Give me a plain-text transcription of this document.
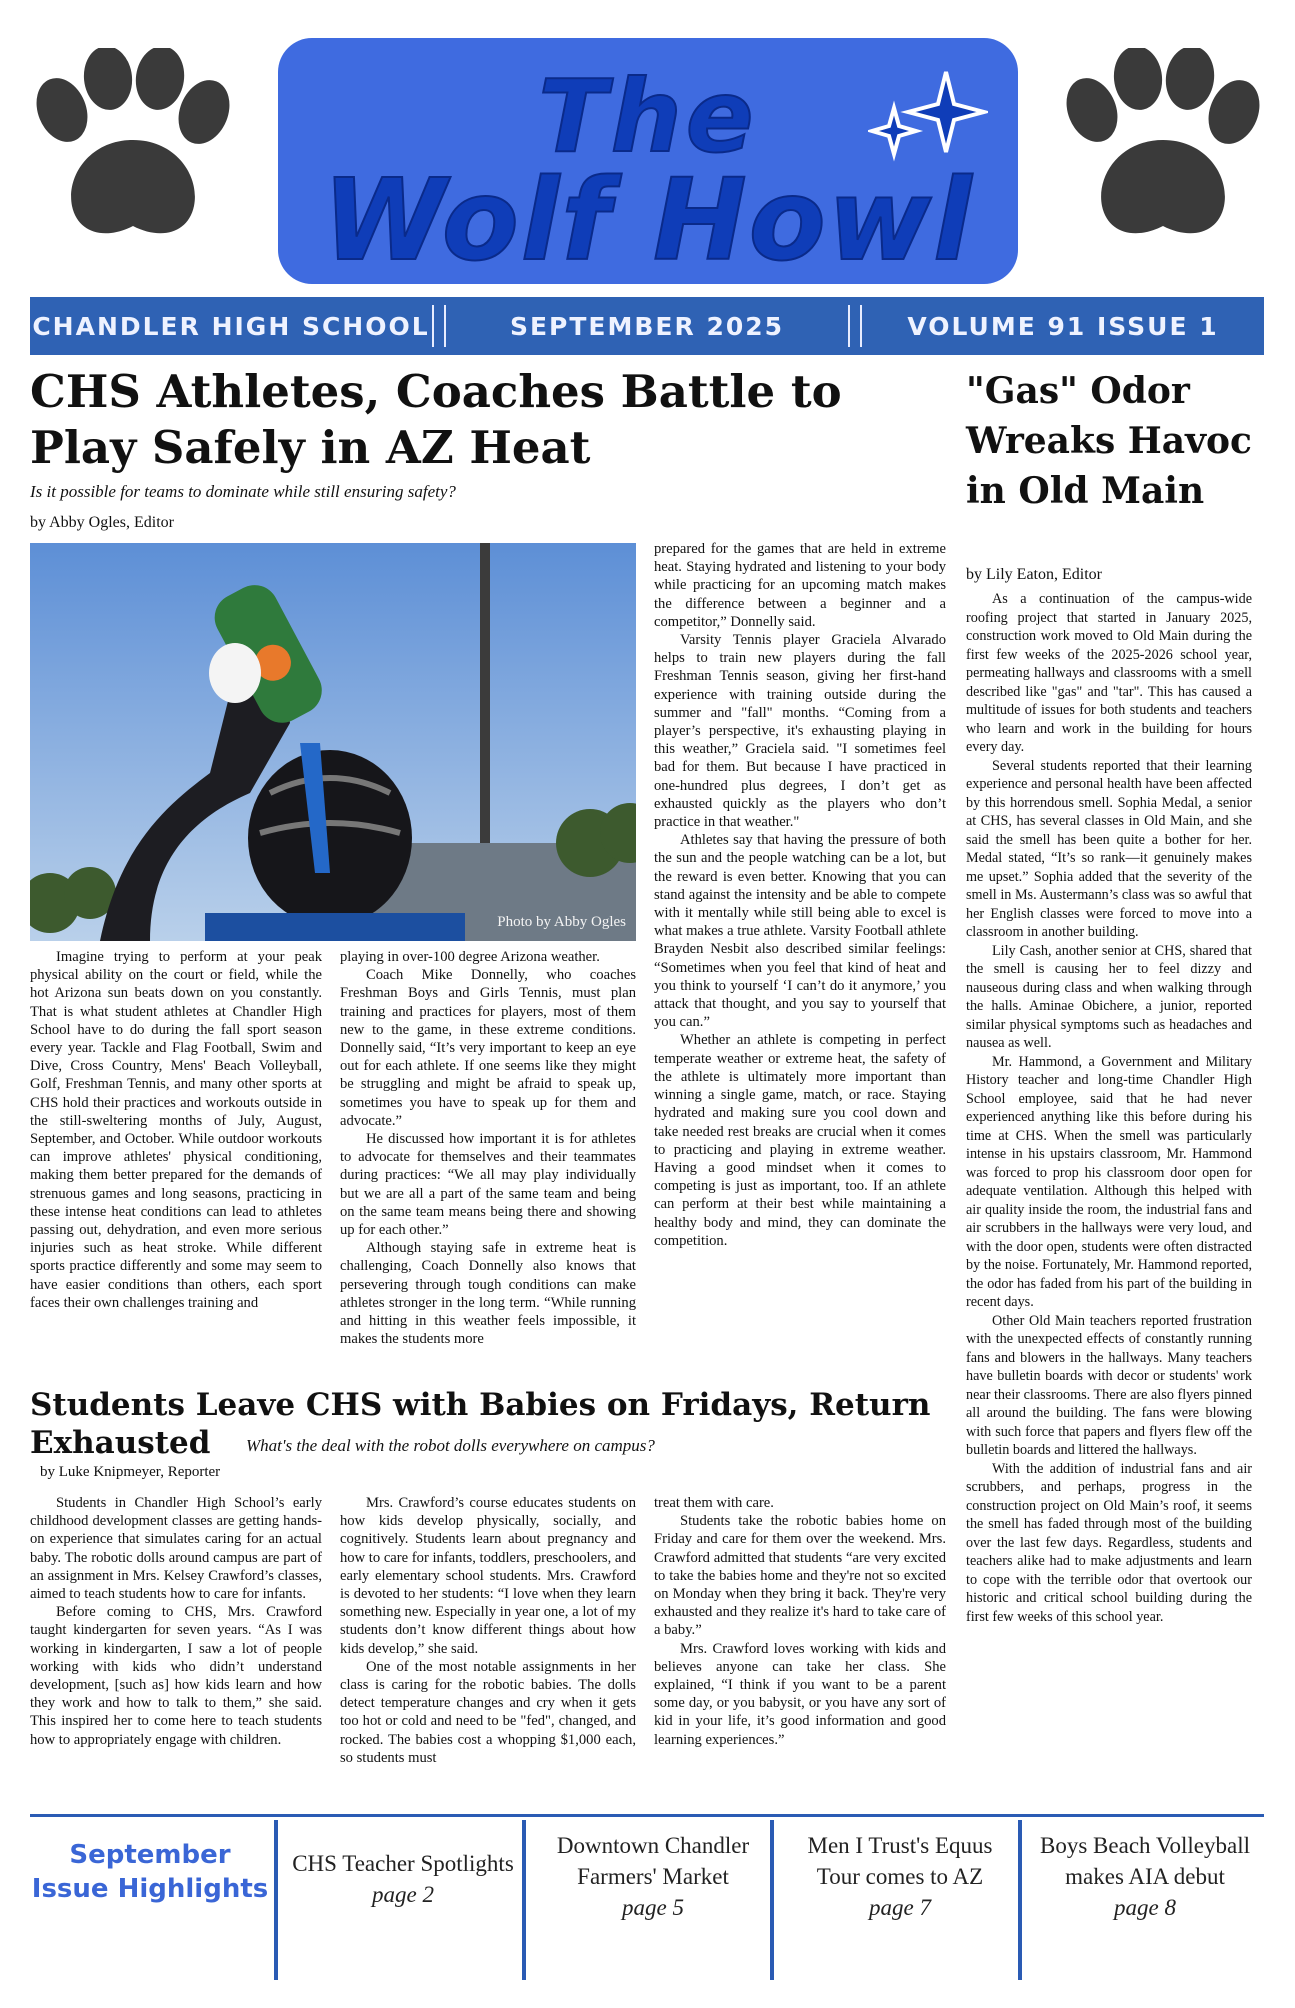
The
Wolf Howl
CHANDLER HIGH SCHOOL	SEPTEMBER 2025	VOLUME 91 ISSUE 1
CHS Athletes, Coaches Battle to Play Safely in AZ Heat
Is it possible for teams to dominate while still ensuring safety?
by Abby Ogles, Editor
Photo by Abby Ogles

Imagine trying to perform at your peak physical ability on the court or field, while the hot Arizona sun beats down on you constantly. That is what student athletes at Chandler High School have to do during the fall sport season every year. Tackle and Flag Football, Swim and Dive, Cross Country, Mens' Beach Volleyball, Golf, Freshman Tennis, and many other sports at CHS hold their practices and workouts outside in the still-sweltering months of July, August, September, and October. While outdoor workouts can improve athletes' physical conditioning, making them better prepared for the demands of strenuous games and long seasons, practicing in these intense heat conditions can lead to athletes passing out, dehydration, and even more serious injuries such as heat stroke. While different sports practice differently and some may seem to have easier conditions than others, each sport faces their own challenges training and

playing in over-100 degree Arizona weather.

Coach Mike Donnelly, who coaches Freshman Boys and Girls Tennis, must plan training and practices for players, most of them new to the game, in these extreme conditions. Donnelly said, “It’s very important to keep an eye out for each athlete. If one seems like they might be struggling and might be afraid to speak up, sometimes you have to speak up for them and advocate.”

He discussed how important it is for athletes to advocate for themselves and their teammates during practices: “We all may play individually but we are all a part of the same team and being on the same team means being there and showing up for each other.”

Although staying safe in extreme heat is challenging, Coach Donnelly also knows that persevering through tough conditions can make athletes stronger in the long term. “While running and hitting in this weather feels impossible, it makes the students more

prepared for the games that are held in extreme heat. Staying hydrated and listening to your body while practicing for an upcoming match makes the difference between a beginner and a competitor,” Donnelly said.

Varsity Tennis player Graciela Alvarado helps to train new players during the fall Freshman Tennis season, giving her first-hand experience with training outside during the summer and "fall" months. “Coming from a player’s perspective, it's exhausting playing in this weather,” Graciela said. "I sometimes feel bad for them. But because I have practiced in one-hundred plus degrees, I don’t get as exhausted quickly as the players who don’t practice in that weather."

Athletes say that having the pressure of both the sun and the people watching can be a lot, but the reward is even better. Knowing that you can stand against the intensity and be able to compete with it mentally while still being able to excel is what makes a true athlete. Varsity Football athlete Brayden Nesbit also described similar feelings: “Sometimes when you feel that kind of heat and you think to yourself ‘I can’t do it anymore,’ you attack that thought, and you say to yourself that you can.”

Whether an athlete is competing in perfect temperate weather or extreme heat, the safety of the athlete is ultimately more important than winning a single game, match, or race. Staying hydrated and making sure you cool down and take needed rest breaks are crucial when it comes to practicing and playing in extreme weather. Having a good mindset when it comes to competing is just as important, too. If an athlete can perform at their best while maintaining a healthy body and mind, they can dominate the competition.

"Gas" Odor Wreaks Havoc in Old Main
by Lily Eaton, Editor

As a continuation of the campus-wide roofing project that started in January 2025, construction work moved to Old Main during the first few weeks of the 2025-2026 school year, permeating hallways and classrooms with a smell described like "gas" and "tar". This has caused a multitude of issues for both students and teachers who learn and work in the building for hours every day.

Several students reported that their learning experience and personal health have been affected by this horrendous smell. Sophia Medal, a senior at CHS, has several classes in Old Main, and she said the smell has been quite a bother for her. Medal stated, “It’s so rank—it genuinely makes me upset.” Sophia added that the severity of the smell in Ms. Austermann’s class was so awful that her English classes were forced to move into a classroom in another building.

Lily Cash, another senior at CHS, shared that the smell is causing her to feel dizzy and nauseous during class and when walking through the halls. Aminae Obichere, a junior, reported similar physical symptoms such as headaches and nausea as well.

Mr. Hammond, a Government and Military History teacher and long-time Chandler High School employee, said that he had never experienced anything like this before during his time at CHS. When the smell was particularly intense in his upstairs classroom, Mr. Hammond was forced to prop his classroom door open for adequate ventilation. Although this helped with air quality inside the room, the industrial fans and air scrubbers in the hallways were very loud, and with the door open, students were often distracted by the noise. Fortunately, Mr. Hammond reported, the odor has faded from his part of the building in recent days.

Other Old Main teachers reported frustration with the unexpected effects of constantly running fans and blowers in the hallways. Many teachers have bulletin boards with decor or students' work near their classrooms. There are also flyers pinned all around the building. The fans were blowing with such force that papers and flyers flew off the bulletin boards and littered the hallways.

With the addition of industrial fans and air scrubbers, and perhaps, progress in the construction project on Old Main’s roof, it seems the smell has faded through most of the building over the last few days. Regardless, students and teachers alike had to make adjustments and learn to cope with the terrible odor that overtook our historic and critical school building during the first few weeks of this school year.

Students Leave CHS with Babies on Fridays, Return
Exhausted	What's the deal with the robot dolls everywhere on campus?
by Luke Knipmeyer, Reporter

Students in Chandler High School’s early childhood development classes are getting hands-on experience that simulates caring for an actual baby. The robotic dolls around campus are part of an assignment in Mrs. Kelsey Crawford’s classes, aimed to teach students how to care for infants.

Before coming to CHS, Mrs. Crawford taught kindergarten for seven years. “As I was working in kindergarten, I saw a lot of people working with kids who didn’t understand development, [such as] how kids learn and how they work and how to talk to them,” she said. This inspired her to come here to teach students how to appropriately engage with children.

Mrs. Crawford’s course educates students on how kids develop physically, socially, and cognitively. Students learn about pregnancy and how to care for infants, toddlers, preschoolers, and early elementary school students. Mrs. Crawford is devoted to her students: “I love when they learn something new. Especially in year one, a lot of my students don’t know different things about how kids develop,” she said.

One of the most notable assignments in her class is caring for the robotic babies. The dolls detect temperature changes and cry when it gets too hot or cold and need to be "fed", changed, and rocked. The babies cost a whopping $1,000 each, so students must

treat them with care.

Students take the robotic babies home on Friday and care for them over the weekend. Mrs. Crawford admitted that students “are very excited to take the babies home and they're not so excited on Monday when they bring it back. They're very exhausted and they realize it's hard to take care of a baby.”

Mrs. Crawford loves working with kids and believes anyone can take her class. She explained, “I think if you want to be a parent some day, or you babysit, or you have any sort of kid in your life, it’s good information and good learning experiences.”

September Issue Highlights
CHS Teacher Spotlights
page 2
Downtown Chandler Farmers' Market
page 5
Men I Trust's Equus Tour comes to AZ
page 7
Boys Beach Volleyball makes AIA debut
page 8
